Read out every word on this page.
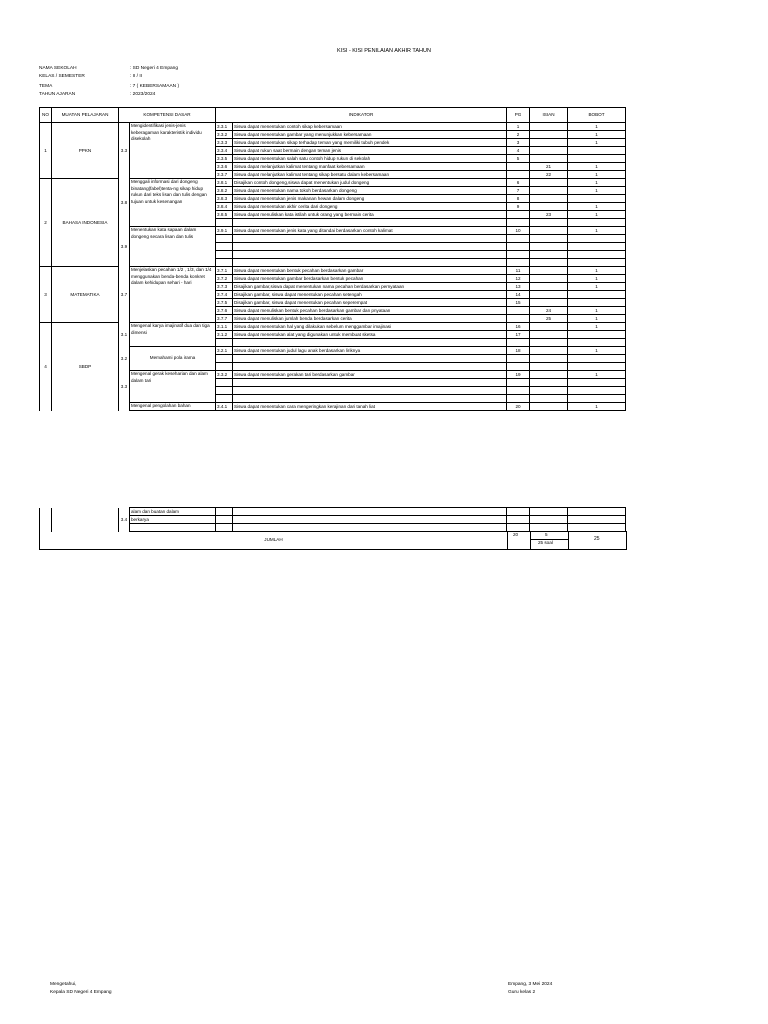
KISI - KISI PENILAIAN AKHIR TAHUN
NAMA SEKOLAH	: SD Negeri 4 Empang
KELAS / SEMESTER	: II / II
TEMA	: 7 ( KEBERSAMAAN )
TAHUN AJARAN	: 2023/2024
NO	MUATAN PELAJARAN	KOMPETENSI DASAR		INDIKATOR		PG	ISIAN	BOBOT
1	PPKN	3.3	Mengidentifikasi jenis-jenis keberagaman karakteristik individu disekolah	3.3.1	Siswa dapat menentukan contoh sikap kebersamaan	1		1
				3.3.2	Siswa dapat menentukan gambar yang menunjukkan kebersamaan	2		1
				3.3.3	Siswa dapat menentukan sikap terhadap teman yang memiliki tubuh pendek	3		1
				3.3.4	Siswa dapat rukun saat bermain dengan teman jenis	4		
				3.3.5	Siswa dapat menentukan salah satu contoh hidup rukun di sekolah	5		
				3.3.6	Siswa dapat melanjutkan kalimat tentang manfaat kebersamaan		21	1
				3.3.7	Siswa dapat melanjutkan kalimat tentang sikap bersatu dalam kebersamaan		22	1
2	BAHASA INDONESIA	3.8	Menggali informasi dari dongeng binatang(fabel)tenta-ng sikap hidup rukun dari teks lisan dan tulis dengan tujuan untuk kesenangan	3.8.1	Disajikan contoh dongeng,siswa dapat menentukan judul dongeng	6		1
				3.8.2	Siswa dapat menentukan nama tokoh berdasarkan dongeng	7		1
				3.8.3	Siswa dapat menentukan jenis makanan hewan dalam dongeng	8		
				3.8.4	Siswa dapat menentukan akhir cerita dari dongeng	9		1
				3.8.5	Siswa dapat menuliskan kata istilah untuk orang yang bermain cerita		23	1

		3.9	Menentukan kata sapaan dalam dongeng secara lisan dan tulis	3.9.1	Siswa dapat menentukan jenis kata yang ditandai berdasarkan contoh kalimat	10		1

3	MATEMATIKA	3.7	Menjelaskan pecahan 1/2 , 1/3, dan 1/4 menggunakan benda-benda konkret dalam kehidupan sehari - hari	3.7.1	Siswa dapat menentukan bentuk pecahan berdasarkan gambar	11		1
				3.7.2	Siswa dapat menentukan gambar berdasarkan bentuk pecahan	12		1
				3.7.3	Disajikan gambar,siswa dapat menentukan nama pecahan berdasarkan pernyataan	13		1
				3.7.4	Disajikan gambar, siswa dapat menentukan pecahan setengah	14		
				3.7.5	Disajikan gambar, siswa dapat menentukan pecahan seperempat	15		
				3.7.6	Siswa dapat menuliskan bentuk pecahan berdasarkan gambar dan pnyataan		24	1
				3.7.7	Siswa dapat menuliskan jumlah benda berdasarkan cerita		25	1
4	SBDP	3.1	Mengenal karya imajinatif dua dan tiga dimensi	3.1.1	Siswa dapat menentukan hal yang dilakukan sebelum menggambar imajinasi	16		1
				3.1.2	Siswa dapat menentukan alat yang digunakan untuk membuat sketsa	17		

		3.2	Memahami pola irama	3.2.1	Siswa dapat menentukan judul lagu anak berdasarkan liriknya	18		1

		3.3	Mengenal gerak keseharian dan alam dalam tari	3.3.2	Siswa dapat menentukan gerakan tari berdasarkan gambar	19		1

			Mengenal pengolahan bahan	3.4.1	Siswa dapat menentukan cara mengeringkan kerajinan dari tanah liat	20		1
		3.4	alam dan buatan dalam					
			berkarya					

JUMLAH
20	5
25 soal
25
Mengetahui,
Kepala SD Negeri 4 Empang
Empang, 3 Mei 2024
Guru kelas 2
